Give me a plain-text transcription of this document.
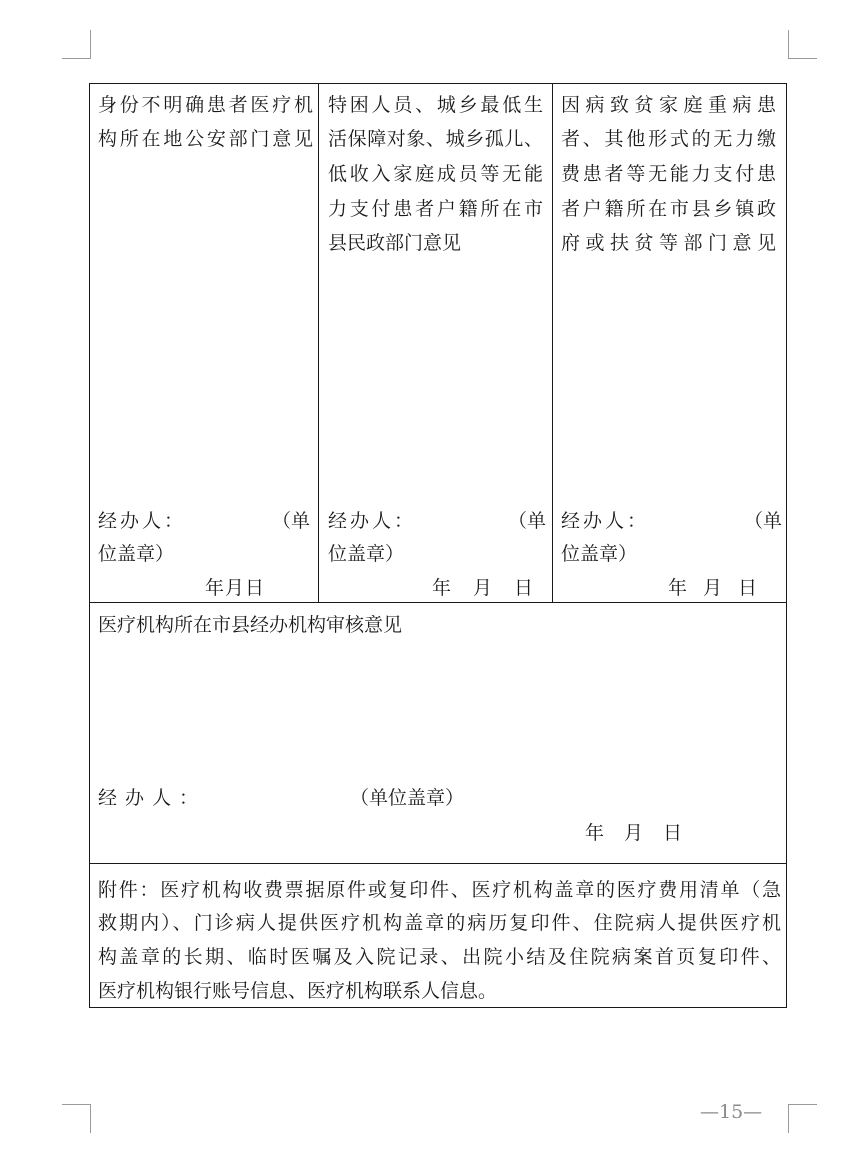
身份不明确患者医疗机

构所在地公安部门意见

经办人：	（单
位盖章）
年月日

特困人员、城乡最低生

活保障对象、城乡孤儿、

低收入家庭成员等无能

力支付患者户籍所在市

县民政部门意见

经办人：	（单
位盖章）
年月日

因病致贫家庭重病患

者、其他形式的无力缴

费患者等无能力支付患

者户籍所在市县乡镇政

府或扶贫等部门意见

经办人：	（单
位盖章）
年月日

医疗机构所在市县经办机构审核意见

经办人：	（单位盖章）
年月日

附件：医疗机构收费票据原件或复印件、医疗机构盖章的医疗费用清单（急

救期内）、门诊病人提供医疗机构盖章的病历复印件、住院病人提供医疗机

构盖章的长期、临时医嘱及入院记录、出院小结及住院病案首页复印件、

医疗机构银行账号信息、医疗机构联系人信息。

—15—
